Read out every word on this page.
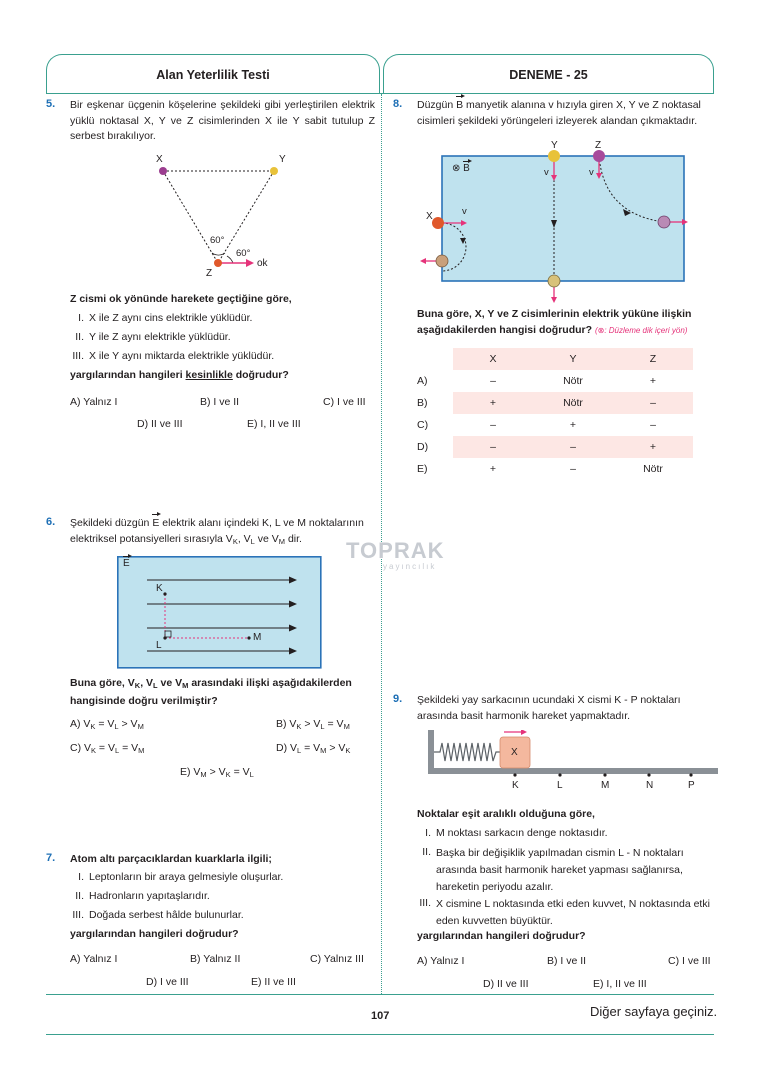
Alan Yeterlilik Testi	DENEME - 25
TOPRAK
yayıncılık
5. Bir eşkenar üçgenin köşelerine şekildeki gibi yerleştirilen elektrik yüklü noktasal X, Y ve Z cisimlerinden X ile Y sabit tutulup Z serbest bırakılıyor.
X	Y
Z
60°
60°
ok
Z cismi ok yönünde harekete geçtiğine göre,
I. X ile Z aynı cins elektrikle yüklüdür.
II. Y ile Z aynı elektrikle yüklüdür.
III. X ile Y aynı miktarda elektrikle yüklüdür.
yargılarından hangileri kesinlikle doğrudur?
A) Yalnız I	B) I ve II	C) I ve III
D) II ve III	E) I, II ve III
6. Şekildeki düzgün E elektrik alanı içindeki K, L ve M noktalarının elektriksel potansiyelleri sırasıyla $V_K$, $V_L$ ve $V_M$ dir.
E
K
L
M
Buna göre, $V_K$, $V_L$ ve $V_M$ arasındaki ilişki aşağıdakilerden hangisinde doğru verilmiştir?
A) $V_K = V_L > V_M$	B) $V_K > V_L = V_M$
C) $V_K = V_L = V_M$	D) $V_L = V_M > V_K$
E) $V_M > V_K = V_L$
7. Atom altı parçacıklardan kuarklarla ilgili;
I. Leptonların bir araya gelmesiyle oluşurlar.
II. Hadronların yapıtaşlarıdır.
III. Doğada serbest hâlde bulunurlar.
yargılarından hangileri doğrudur?
A) Yalnız I	B) Yalnız II	C) Yalnız III
D) I ve III	E) II ve III
8. Düzgün B manyetik alanına v hızıyla giren X, Y ve Z noktasal cisimleri şekildeki yörüngeleri izleyerek alandan çıkmaktadır.
⊗ B
X	v
Y
v
Z
v
Buna göre, X, Y ve Z cisimlerinin elektrik yüküne ilişkin aşağıdakilerden hangisi doğrudur? (⊗: Düzleme dik içeri yön)
	X	Y	Z
A)	–	Nötr	+
B)	+	Nötr	–
C)	–	+	–
D)	–	–	+
E)	+	–	Nötr
9. Şekildeki yay sarkacının ucundaki X cismi K - P noktaları arasında basit harmonik hareket yapmaktadır.
X
K	L	M	N	P
Noktalar eşit aralıklı olduğuna göre,
I. M noktası sarkacın denge noktasıdır.
II. Başka bir değişiklik yapılmadan cismin L - N noktaları arasında basit harmonik hareket yapması sağlanırsa, hareketin periyodu azalır.
III. X cismine L noktasında etki eden kuvvet, N noktasında etki eden kuvvetten büyüktür.
yargılarından hangileri doğrudur?
A) Yalnız I	B) I ve II	C) I ve III
D) II ve III	E) I, II ve III
107	Diğer sayfaya geçiniz.
